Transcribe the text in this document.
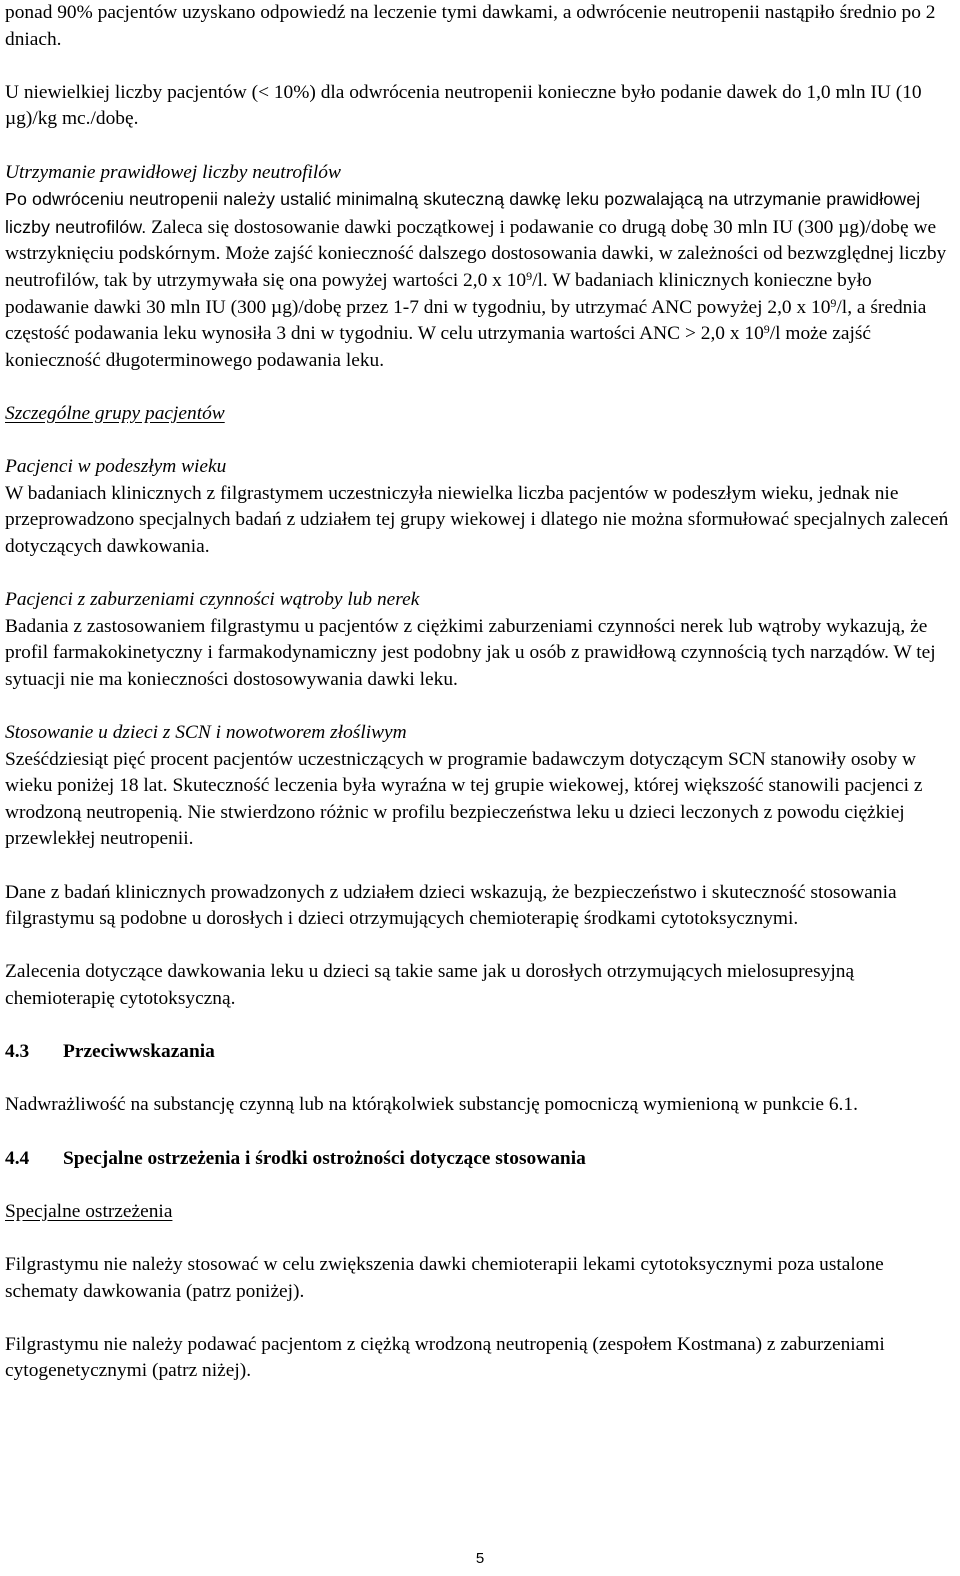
ponad 90% pacjentów uzyskano odpowiedź na leczenie tymi dawkami, a odwrócenie neutropenii nastąpiło średnio po 2 dniach.

U niewielkiej liczby pacjentów (< 10%) dla odwrócenia neutropenii konieczne było podanie dawek do 1,0 mln IU (10 µg)/kg mc./dobę.

Utrzymanie prawidłowej liczby neutrofilów

Po odwróceniu neutropenii należy ustalić minimalną skuteczną dawkę leku pozwalającą na utrzymanie prawidłowej liczby neutrofilów. Zaleca się dostosowanie dawki początkowej i podawanie co drugą dobę 30 mln IU (300 µg)/dobę we wstrzyknięciu podskórnym. Może zajść konieczność dalszego dostosowania dawki, w zależności od bezwzględnej liczby neutrofilów, tak by utrzymywała się ona powyżej wartości 2,0 x $10^9/l$. W badaniach klinicznych konieczne było podawanie dawki 30 mln IU (300 µg)/dobę przez 1-7 dni w tygodniu, by utrzymać ANC powyżej 2,0 x $10^9/l$, a średnia częstość podawania leku wynosiła 3 dni w tygodniu. W celu utrzymania wartości ANC > 2,0 x $10^9/l$ może zajść konieczność długoterminowego podawania leku.

Szczególne grupy pacjentów

Pacjenci w podeszłym wieku

W badaniach klinicznych z filgrastymem uczestniczyła niewielka liczba pacjentów w podeszłym wieku, jednak nie przeprowadzono specjalnych badań z udziałem tej grupy wiekowej i dlatego nie można sformułować specjalnych zaleceń dotyczących dawkowania.

Pacjenci z zaburzeniami czynności wątroby lub nerek

Badania z zastosowaniem filgrastymu u pacjentów z ciężkimi zaburzeniami czynności nerek lub wątroby wykazują, że profil farmakokinetyczny i farmakodynamiczny jest podobny jak u osób z prawidłową czynnością tych narządów. W tej sytuacji nie ma konieczności dostosowywania dawki leku.

Stosowanie u dzieci z SCN i nowotworem złośliwym

Sześćdziesiąt pięć procent pacjentów uczestniczących w programie badawczym dotyczącym SCN stanowiły osoby w wieku poniżej 18 lat. Skuteczność leczenia była wyraźna w tej grupie wiekowej, której większość stanowili pacjenci z wrodzoną neutropenią. Nie stwierdzono różnic w profilu bezpieczeństwa leku u dzieci leczonych z powodu ciężkiej przewlekłej neutropenii.

Dane z badań klinicznych prowadzonych z udziałem dzieci wskazują, że bezpieczeństwo i skuteczność stosowania filgrastymu są podobne u dorosłych i dzieci otrzymujących chemioterapię środkami cytotoksycznymi.

Zalecenia dotyczące dawkowania leku u dzieci są takie same jak u dorosłych otrzymujących mielosupresyjną chemioterapię cytotoksyczną.

4.3 Przeciwwskazania

Nadwrażliwość na substancję czynną lub na którąkolwiek substancję pomocniczą wymienioną w punkcie 6.1.

4.4 Specjalne ostrzeżenia i środki ostrożności dotyczące stosowania

Specjalne ostrzeżenia

Filgrastymu nie należy stosować w celu zwiększenia dawki chemioterapii lekami cytotoksycznymi poza ustalone schematy dawkowania (patrz poniżej).

Filgrastymu nie należy podawać pacjentom z ciężką wrodzoną neutropenią (zespołem Kostmana) z zaburzeniami cytogenetycznymi (patrz niżej).

5
